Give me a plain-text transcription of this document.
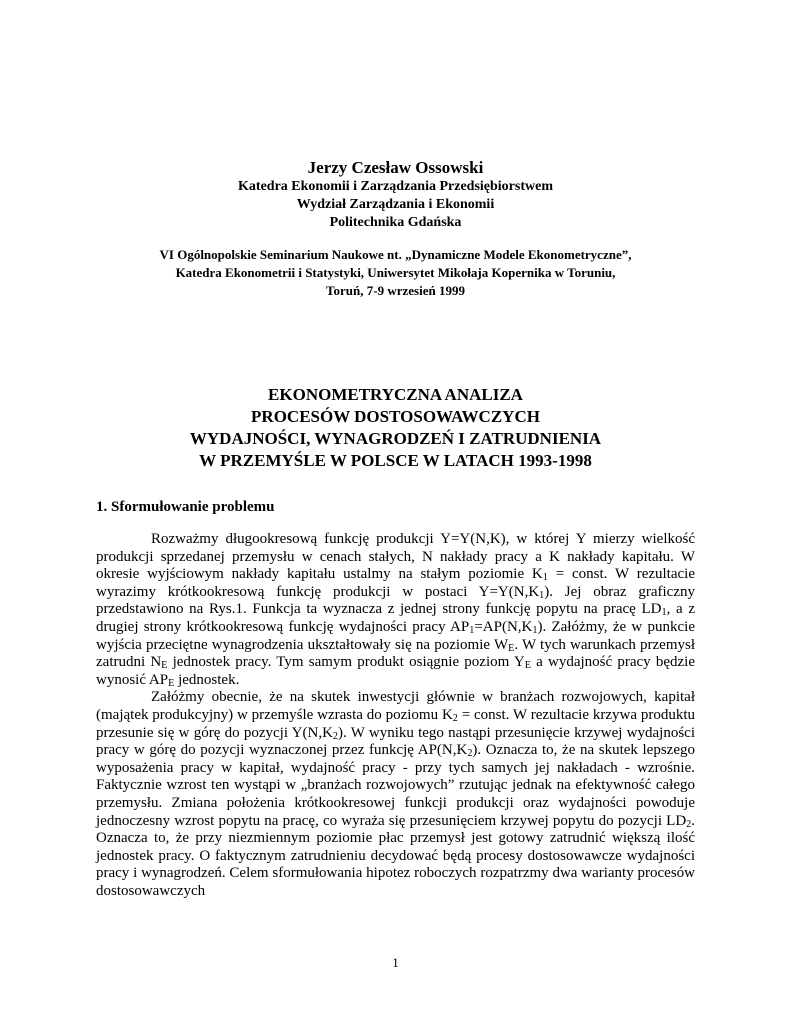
Jerzy Czesław Ossowski
Katedra Ekonomii i Zarządzania Przedsiębiorstwem
Wydział Zarządzania i Ekonomii
Politechnika Gdańska
VI Ogólnopolskie Seminarium Naukowe nt. „Dynamiczne Modele Ekonometryczne”,
Katedra Ekonometrii i Statystyki, Uniwersytet Mikołaja Kopernika w Toruniu,
Toruń, 7-9 wrzesień 1999
EKONOMETRYCZNA ANALIZA
PROCESÓW DOSTOSOWAWCZYCH
WYDAJNOŚCI, WYNAGRODZEŃ I ZATRUDNIENIA
W PRZEMYŚLE W POLSCE W LATACH 1993-1998
1. Sformułowanie problemu

Rozważmy długookresową funkcję produkcji Y=Y(N,K), w której Y mierzy wielkość produkcji sprzedanej przemysłu w cenach stałych, N nakłady pracy a K nakłady kapitału. W okresie wyjściowym nakłady kapitału ustalmy na stałym poziomie $K_1$ = const. W rezultacie wyrazimy krótkookresową funkcję produkcji w postaci $Y=Y(N,K_1)$. Jej obraz graficzny przedstawiono na Rys.1. Funkcja ta wyznacza z jednej strony funkcję popytu na pracę $LD_1$, a z drugiej strony krótkookresową funkcję wydajności pracy $AP_1=AP(N,K_1)$. Załóżmy, że w punkcie wyjścia przeciętne wynagrodzenia ukształtowały się na poziomie $W_E$. W tych warunkach przemysł zatrudni $N_E$ jednostek pracy. Tym samym produkt osiągnie poziom $Y_E$ a wydajność pracy będzie wynosić $AP_E$ jednostek.

Załóżmy obecnie, że na skutek inwestycji głównie w branżach rozwojowych, kapitał (majątek produkcyjny) w przemyśle wzrasta do poziomu $K_2$ = const. W rezultacie krzywa produktu przesunie się w górę do pozycji $Y(N,K_2)$. W wyniku tego nastąpi przesunięcie krzywej wydajności pracy w górę do pozycji wyznaczonej przez funkcję $AP(N,K_2)$. Oznacza to, że na skutek lepszego wyposażenia pracy w kapitał, wydajność pracy - przy tych samych jej nakładach - wzrośnie. Faktycznie wzrost ten wystąpi w „branżach rozwojowych” rzutując jednak na efektywność całego przemysłu. Zmiana położenia krótkookresowej funkcji produkcji oraz wydajności powoduje jednoczesny wzrost popytu na pracę, co wyraża się przesunięciem krzywej popytu do pozycji $LD_2$. Oznacza to, że przy niezmiennym poziomie płac przemysł jest gotowy zatrudnić większą ilość jednostek pracy. O faktycznym zatrudnieniu decydować będą procesy dostosowawcze wydajności pracy i wynagrodzeń. Celem sformułowania hipotez roboczych rozpatrzmy dwa warianty procesów dostosowawczych

1
